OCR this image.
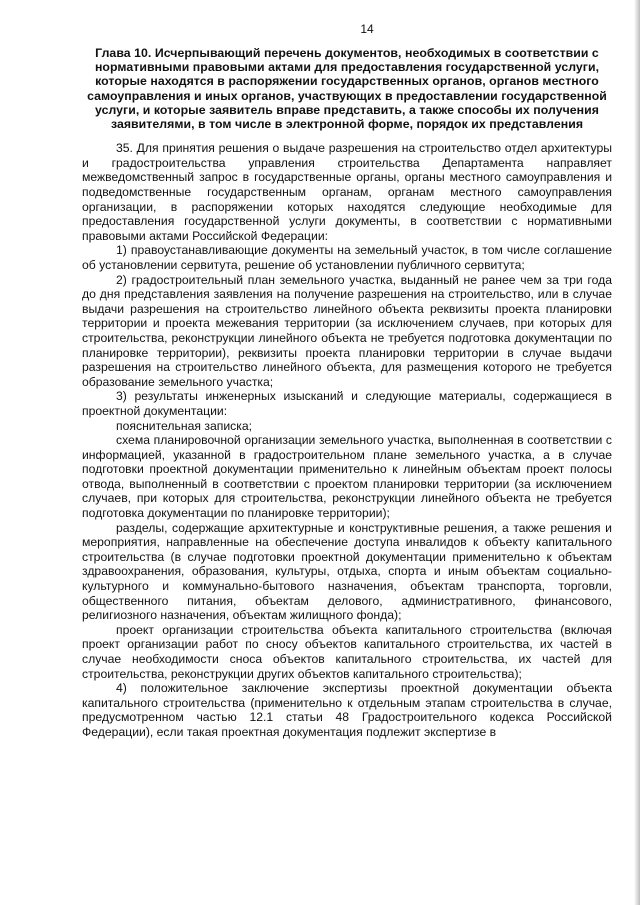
14
Глава 10. Исчерпывающий перечень документов, необходимых в соответствии с нормативными правовыми актами для предоставления государственной услуги, которые находятся в распоряжении государственных органов, органов местного самоуправления и иных органов, участвующих в предоставлении государственной услуги, и которые заявитель вправе представить, а также способы их получения заявителями, в том числе в электронной форме, порядок их представления

35. Для принятия решения о выдаче разрешения на строительство отдел архитектуры и градостроительства управления строительства Департамента направляет межведомственный запрос в государственные органы, органы местного самоуправления и подведомственные государственным органам, органам местного самоуправления организации, в распоряжении которых находятся следующие необходимые для предоставления государственной услуги документы, в соответствии с нормативными правовыми актами Российской Федерации:

1) правоустанавливающие документы на земельный участок, в том числе соглашение об установлении сервитута, решение об установлении публичного сервитута;

2) градостроительный план земельного участка, выданный не ранее чем за три года до дня представления заявления на получение разрешения на строительство, или в случае выдачи разрешения на строительство линейного объекта реквизиты проекта планировки территории и проекта межевания территории (за исключением случаев, при которых для строительства, реконструкции линейного объекта не требуется подготовка документации по планировке территории), реквизиты проекта планировки территории в случае выдачи разрешения на строительство линейного объекта, для размещения которого не требуется образование земельного участка;

3) результаты инженерных изысканий и следующие материалы, содержащиеся в проектной документации:

пояснительная записка;

схема планировочной организации земельного участка, выполненная в соответствии с информацией, указанной в градостроительном плане земельного участка, а в случае подготовки проектной документации применительно к линейным объектам проект полосы отвода, выполненный в соответствии с проектом планировки территории (за исключением случаев, при которых для строительства, реконструкции линейного объекта не требуется подготовка документации по планировке территории);

разделы, содержащие архитектурные и конструктивные решения, а также решения и мероприятия, направленные на обеспечение доступа инвалидов к объекту капитального строительства (в случае подготовки проектной документации применительно к объектам здравоохранения, образования, культуры, отдыха, спорта и иным объектам социально-культурного и коммунально-бытового назначения, объектам транспорта, торговли, общественного питания, объектам делового, административного, финансового, религиозного назначения, объектам жилищного фонда);

проект организации строительства объекта капитального строительства (включая проект организации работ по сносу объектов капитального строительства, их частей в случае необходимости сноса объектов капитального строительства, их частей для строительства, реконструкции других объектов капитального строительства);

4) положительное заключение экспертизы проектной документации объекта капитального строительства (применительно к отдельным этапам строительства в случае, предусмотренном частью 12.1 статьи 48 Градостроительного кодекса Российской Федерации), если такая проектная документация подлежит экспертизе в
